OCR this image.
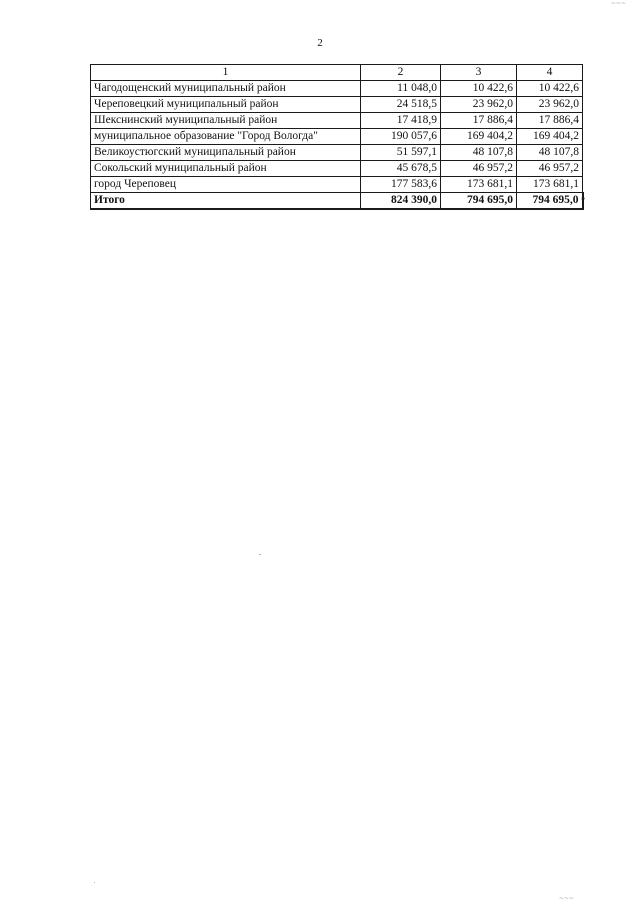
~~~
2
1	2	3	4
Чагодощенский муниципальный район	11 048,0	10 422,6	10 422,6
Череповецкий муниципальный район	24 518,5	23 962,0	23 962,0
Шекснинский муниципальный район	17 418,9	17 886,4	17 886,4
муниципальное образование "Город Вологда"	190 057,6	169 404,2	169 404,2
Великоустюгский муниципальный район	51 597,1	48 107,8	48 107,8
Сокольский муниципальный район	45 678,5	46 957,2	46 957,2
город Череповец	177 583,6	173 681,1	173 681,1
Итого	824 390,0	794 695,0	794 695,0 ”
~~~
